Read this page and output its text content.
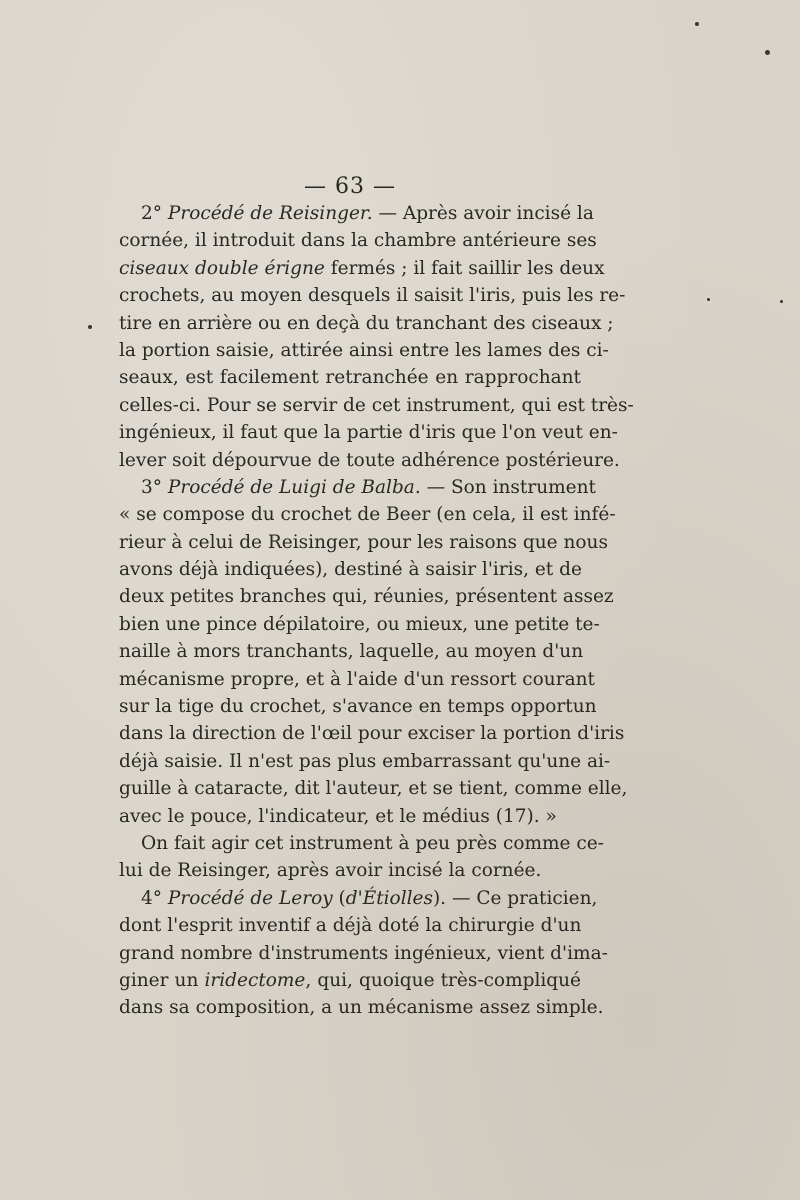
— 63 —
2° Procédé de Reisinger. — Après avoir incisé la
cornée, il introduit dans la chambre antérieure ses
ciseaux double érigne fermés ; il fait saillir les deux
crochets, au moyen desquels il saisit l'iris, puis les re-
tire en arrière ou en deçà du tranchant des ciseaux ;
la portion saisie, attirée ainsi entre les lames des ci-
seaux, est facilement retranchée en rapprochant
celles-ci. Pour se servir de cet instrument, qui est très-
ingénieux, il faut que la partie d'iris que l'on veut en-
lever soit dépourvue de toute adhérence postérieure.
3° Procédé de Luigi de Balba. — Son instrument
« se compose du crochet de Beer (en cela, il est infé-
rieur à celui de Reisinger, pour les raisons que nous
avons déjà indiquées), destiné à saisir l'iris, et de
deux petites branches qui, réunies, présentent assez
bien une pince dépilatoire, ou mieux, une petite te-
naille à mors tranchants, laquelle, au moyen d'un
mécanisme propre, et à l'aide d'un ressort courant
sur la tige du crochet, s'avance en temps opportun
dans la direction de l'œil pour exciser la portion d'iris
déjà saisie. Il n'est pas plus embarrassant qu'une ai-
guille à cataracte, dit l'auteur, et se tient, comme elle,
avec le pouce, l'indicateur, et le médius (17). »
On fait agir cet instrument à peu près comme ce-
lui de Reisinger, après avoir incisé la cornée.
4° Procédé de Leroy (d'Étiolles). — Ce praticien,
dont l'esprit inventif a déjà doté la chirurgie d'un
grand nombre d'instruments ingénieux, vient d'ima-
giner un iridectome, qui, quoique très-compliqué
dans sa composition, a un mécanisme assez simple.
